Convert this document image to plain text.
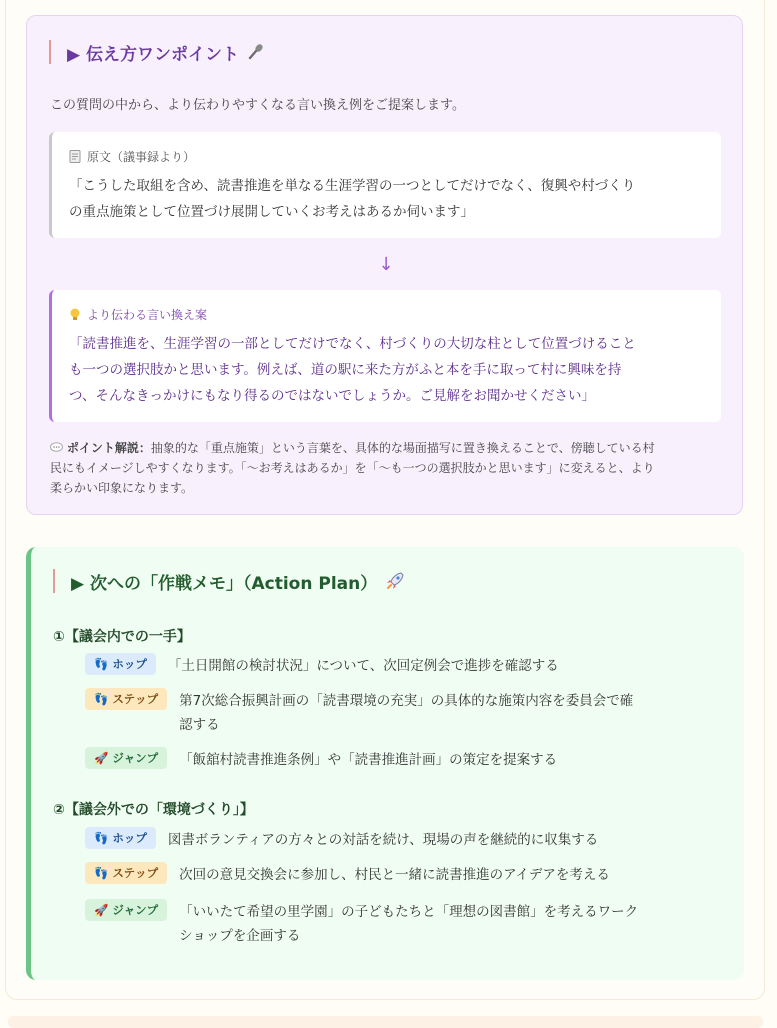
▶ 伝え方ワンポイント
この質問の中から、より伝わりやすくなる言い換え例をご提案します。
原文（議事録より）
「こうした取組を含め、読書推進を単なる生涯学習の一つとしてだけでなく、復興や村づくり
の重点施策として位置づけ展開していくお考えはあるか伺います」
↓
より伝わる言い換え案
「読書推進を、生涯学習の一部としてだけでなく、村づくりの大切な柱として位置づけること
も一つの選択肢かと思います。例えば、道の駅に来た方がふと本を手に取って村に興味を持
つ、そんなきっかけにもなり得るのではないでしょうか。ご見解をお聞かせください」
ポイント解説：抽象的な「重点施策」という言葉を、具体的な場面描写に置き換えることで、傍聴している村
民にもイメージしやすくなります。「〜お考えはあるか」を「〜も一つの選択肢かと思います」に変えると、より
柔らかい印象になります。
▶ 次への「作戦メモ」（Action Plan）
①【議会内での一手】
👣 ホップ 「土日開館の検討状況」について、次回定例会で進捗を確認する
👣 ステップ 第7次総合振興計画の「読書環境の充実」の具体的な施策内容を委員会で確
認する
🚀 ジャンプ 「飯舘村読書推進条例」や「読書推進計画」の策定を提案する
②【議会外での「環境づくり」】
👣 ホップ 図書ボランティアの方々との対話を続け、現場の声を継続的に収集する
👣 ステップ 次回の意見交換会に参加し、村民と一緒に読書推進のアイデアを考える
🚀 ジャンプ 「いいたて希望の里学園」の子どもたちと「理想の図書館」を考えるワーク
ショップを企画する
